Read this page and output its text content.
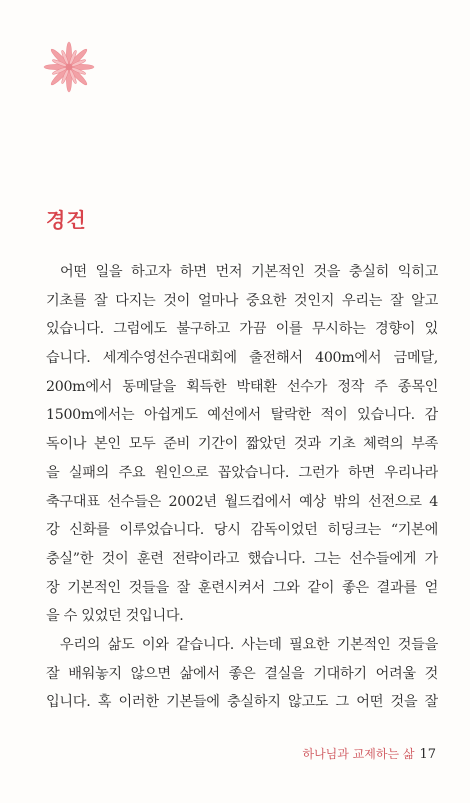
경건
어떤 일을 하고자 하면 먼저 기본적인 것을 충실히 익히고
기초를 잘 다지는 것이 얼마나 중요한 것인지 우리는 잘 알고
있습니다. 그럼에도 불구하고 가끔 이를 무시하는 경향이 있
습니다. 세계수영선수권대회에 출전해서 400m에서 금메달,
200m에서 동메달을 획득한 박태환 선수가 정작 주 종목인
1500m에서는 아쉽게도 예선에서 탈락한 적이 있습니다. 감
독이나 본인 모두 준비 기간이 짧았던 것과 기초 체력의 부족
을 실패의 주요 원인으로 꼽았습니다. 그런가 하면 우리나라
축구대표 선수들은 2002년 월드컵에서 예상 밖의 선전으로 4
강 신화를 이루었습니다. 당시 감독이었던 히딩크는 “기본에
충실”한 것이 훈련 전략이라고 했습니다. 그는 선수들에게 가
장 기본적인 것들을 잘 훈련시켜서 그와 같이 좋은 결과를 얻
을 수 있었던 것입니다.
우리의 삶도 이와 같습니다. 사는데 필요한 기본적인 것들을
잘 배워놓지 않으면 삶에서 좋은 결실을 기대하기 어려울 것
입니다. 혹 이러한 기본들에 충실하지 않고도 그 어떤 것을 잘
하나님과 교제하는 삶 17
